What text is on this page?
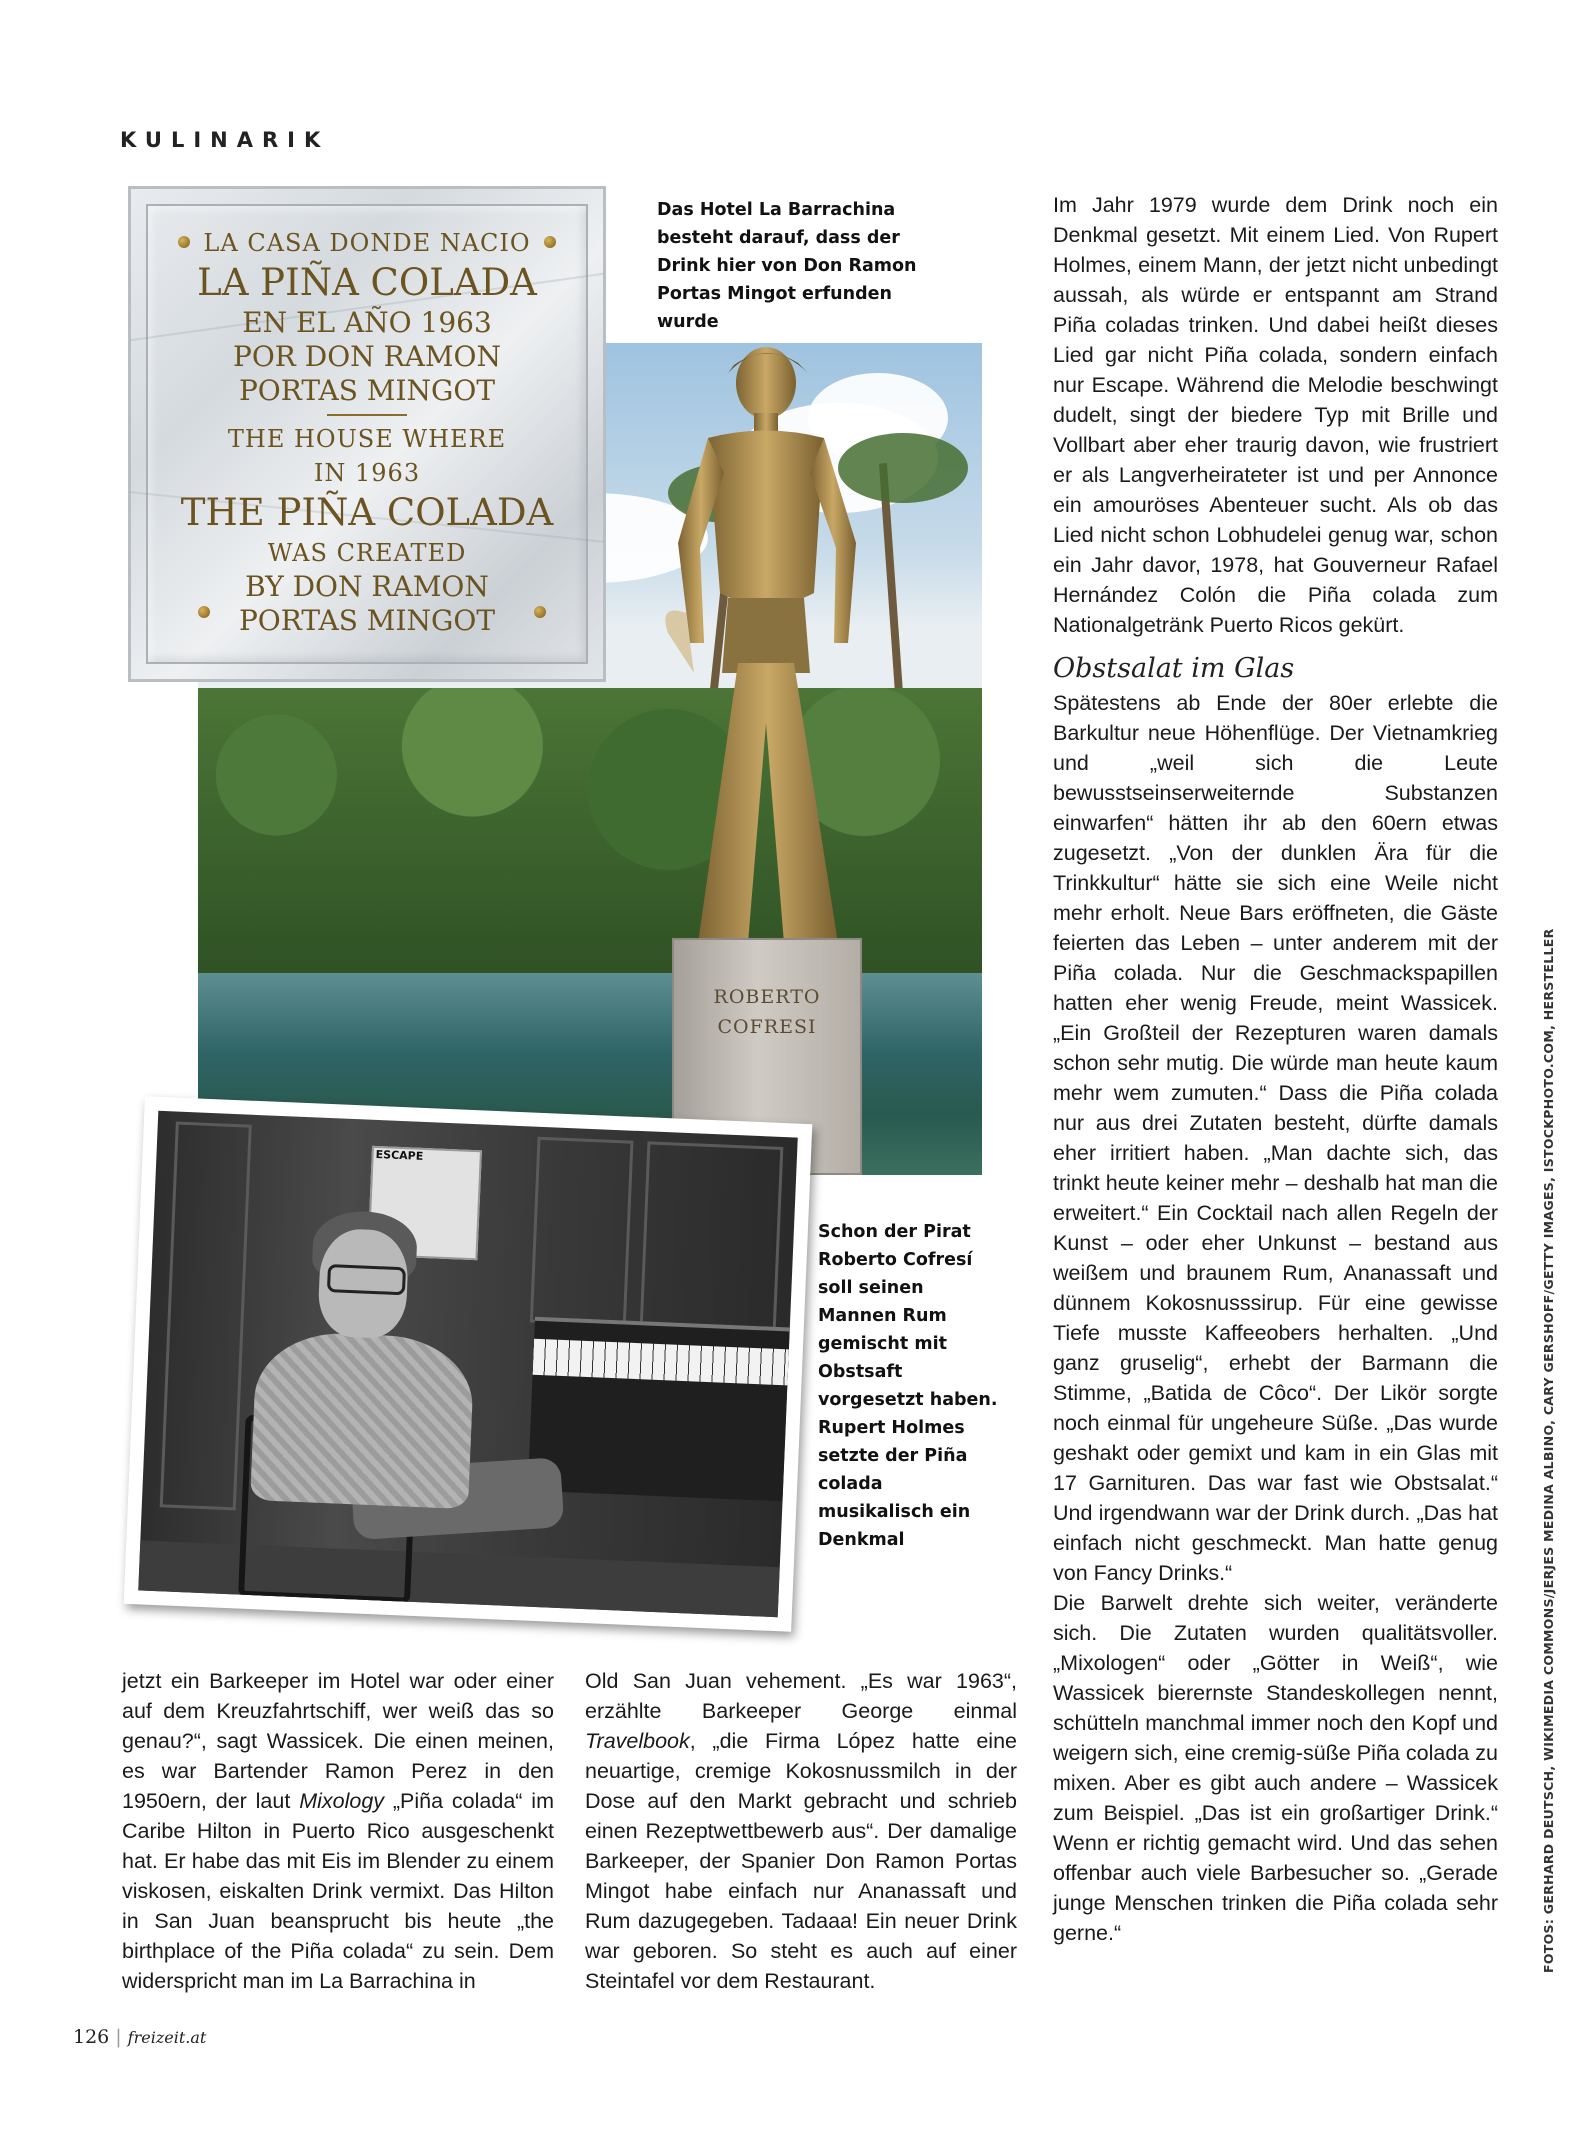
KULINARIK
ROBERTO
COFRESI
LA CASA DONDE NACIO
LA PIÑA COLADA
EN EL AÑO 1963
POR DON RAMON
PORTAS MINGOT
THE HOUSE WHERE
IN 1963
THE PIÑA COLADA
WAS CREATED
BY DON RAMON
PORTAS MINGOT
Das Hotel La Barrachina besteht darauf, dass der Drink hier von Don Ramon Portas Mingot erfunden wurde
ESCAPE
Schon der Pirat Roberto Cofresí soll seinen Mannen Rum gemischt mit Obstsaft vorgesetzt haben. Rupert Holmes setzte der Piña colada musikalisch ein Denkmal

Im Jahr 1979 wurde dem Drink noch ein Denkmal gesetzt. Mit einem Lied. Von Rupert Holmes, einem Mann, der jetzt nicht unbedingt aussah, als würde er entspannt am Strand Piña coladas trinken. Und dabei heißt dieses Lied gar nicht Piña colada, sondern einfach nur Escape. Während die Melodie beschwingt dudelt, singt der biedere Typ mit Brille und Vollbart aber eher traurig davon, wie frustriert er als Langverheirateter ist und per Annonce ein amouröses Abenteuer sucht. Als ob das Lied nicht schon Lobhudelei genug war, schon ein Jahr davor, 1978, hat Gouverneur Rafael Hernández Colón die Piña colada zum Nationalgetränk Puerto Ricos gekürt.

Obstsalat im Glas

Spätestens ab Ende der 80er erlebte die Barkultur neue Höhenflüge. Der Vietnamkrieg und „weil sich die Leute bewusstseinserweiternde Substanzen einwarfen“ hätten ihr ab den 60ern etwas zugesetzt. „Von der dunklen Ära für die Trinkkultur“ hätte sie sich eine Weile nicht mehr erholt. Neue Bars eröffneten, die Gäste feierten das Leben – unter anderem mit der Piña colada. Nur die Geschmackspapillen hatten eher wenig Freude, meint Wassicek. „Ein Großteil der Rezepturen waren damals schon sehr mutig. Die würde man heute kaum mehr wem zumuten.“ Dass die Piña colada nur aus drei Zutaten besteht, dürfte damals eher irritiert haben. „Man dachte sich, das trinkt heute keiner mehr – deshalb hat man die erweitert.“ Ein Cocktail nach allen Regeln der Kunst – oder eher Unkunst – bestand aus weißem und braunem Rum, Ananassaft und dünnem Kokosnusssirup. Für eine gewisse Tiefe musste Kaffeeobers herhalten. „Und ganz gruselig“, erhebt der Barmann die Stimme, „Batida de Côco“. Der Likör sorgte noch einmal für ungeheure Süße. „Das wurde geshakt oder gemixt und kam in ein Glas mit 17 Garnituren. Das war fast wie Obstsalat.“ Und irgendwann war der Drink durch. „Das hat einfach nicht geschmeckt. Man hatte genug von Fancy Drinks.“

Die Barwelt drehte sich weiter, veränderte sich. Die Zutaten wurden qualitätsvoller. „Mixologen“ oder „Götter in Weiß“, wie Wassicek bierernste Standeskollegen nennt, schütteln manchmal immer noch den Kopf und weigern sich, eine cremig-süße Piña colada zu mixen. Aber es gibt auch andere – Wassicek zum Beispiel. „Das ist ein großartiger Drink.“ Wenn er richtig gemacht wird. Und das sehen offenbar auch viele Barbesucher so. „Gerade junge Menschen trinken die Piña colada sehr gerne.“

jetzt ein Barkeeper im Hotel war oder einer auf dem Kreuzfahrtschiff, wer weiß das so genau?“, sagt Wassicek. Die einen meinen, es war Bartender Ramon Perez in den 1950ern, der laut Mixology „Piña colada“ im Caribe Hilton in Puerto Rico ausgeschenkt hat. Er habe das mit Eis im Blender zu einem viskosen, eiskalten Drink vermixt. Das Hilton in San Juan beansprucht bis heute „the birthplace of the Piña colada“ zu sein. Dem widerspricht man im La Barrachina in

Old San Juan vehement. „Es war 1963“, erzählte Barkeeper George einmal Travelbook, „die Firma López hatte eine neuartige, cremige Kokosnussmilch in der Dose auf den Markt gebracht und schrieb einen Rezeptwettbewerb aus“. Der damalige Barkeeper, der Spanier Don Ramon Portas Mingot habe einfach nur Ananassaft und Rum dazugegeben. Tadaaa! Ein neuer Drink war geboren. So steht es auch auf einer Steintafel vor dem Restaurant.

FOTOS: GERHARD DEUTSCH, WIKIMEDIA COMMONS/JERJES MEDINA ALBINO, CARY GERSHOFF/GETTY IMAGES, ISTOCKPHOTO.COM, HERSTELLER
126 | freizeit.at
